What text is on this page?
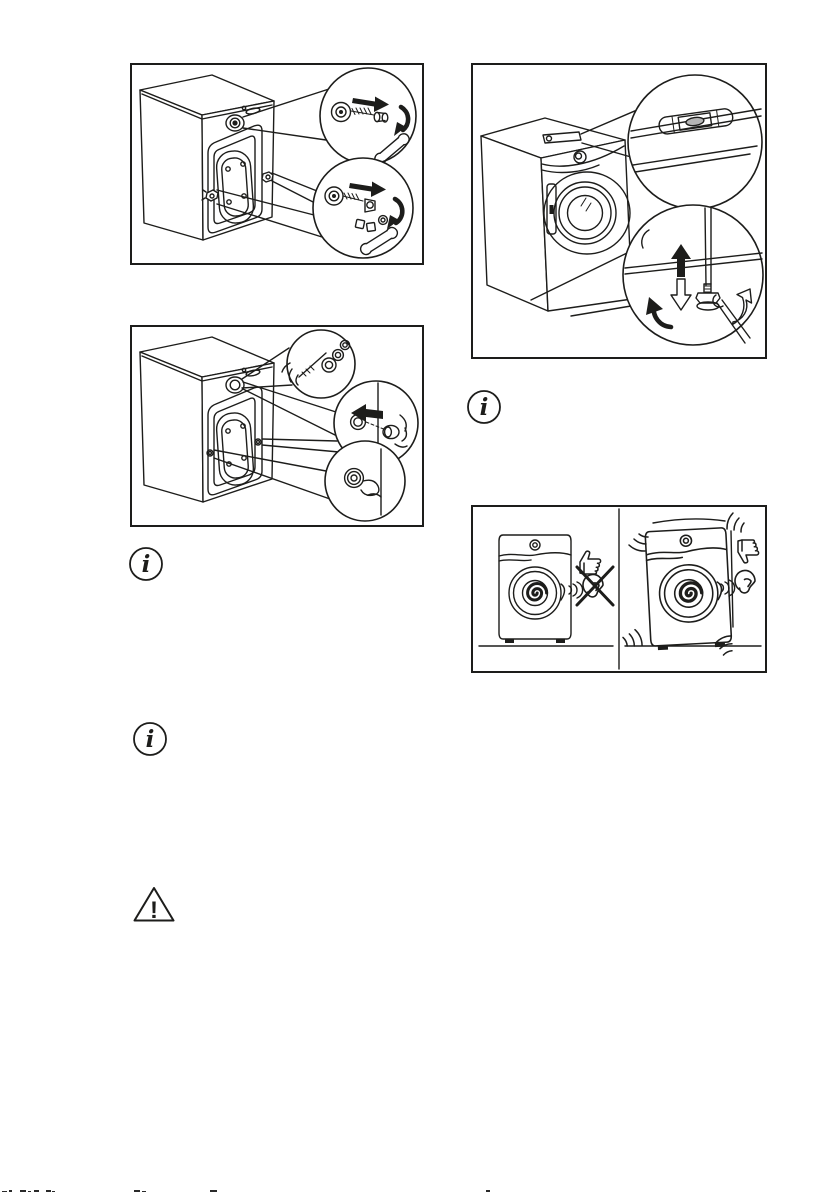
i
i
i
!
